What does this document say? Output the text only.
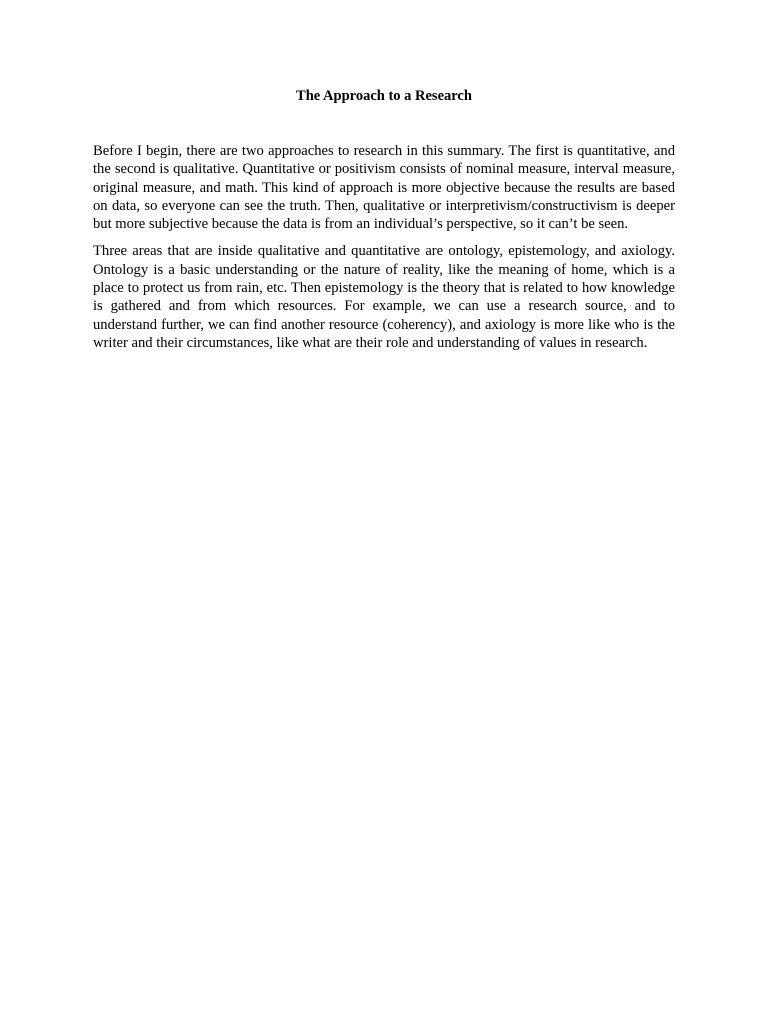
The Approach to a Research

Before I begin, there are two approaches to research in this summary. The first is quantitative, and the second is qualitative. Quantitative or positivism consists of nominal measure, interval measure, original measure, and math. This kind of approach is more objective because the results are based on data, so everyone can see the truth. Then, qualitative or interpretivism/constructivism is deeper but more subjective because the data is from an individual’s perspective, so it can’t be seen.

Three areas that are inside qualitative and quantitative are ontology, epistemology, and axiology. Ontology is a basic understanding or the nature of reality, like the meaning of home, which is a place to protect us from rain, etc. Then epistemology is the theory that is related to how knowledge is gathered and from which resources. For example, we can use a research source, and to understand further, we can find another resource (coherency), and axiology is more like who is the writer and their circumstances, like what are their role and understanding of values in research.
